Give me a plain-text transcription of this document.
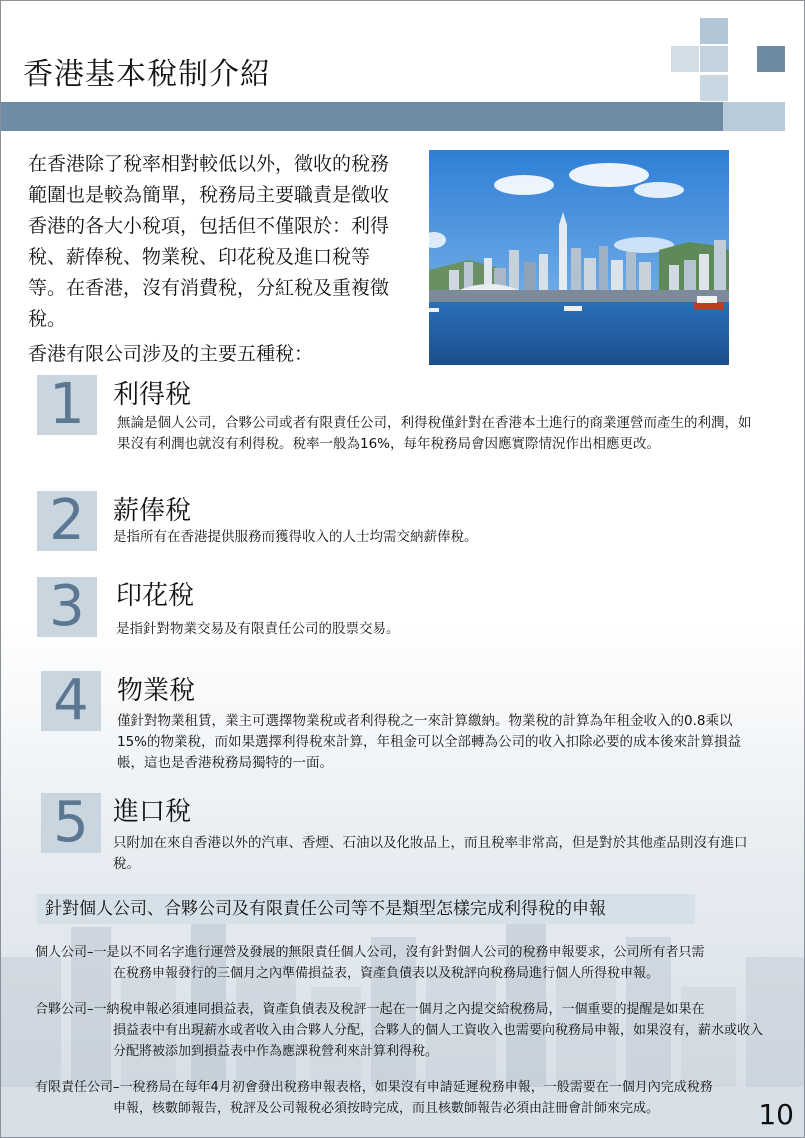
香港基本稅制介紹
在香港除了稅率相對較低以外，徵收的稅務範圍也是較為簡單，稅務局主要職責是徵收香港的各大小稅項，包括但不僅限於：利得稅、薪俸稅、物業稅、印花稅及進口稅等等。在香港，沒有消費稅，分紅稅及重複徵稅。
香港有限公司涉及的主要五種稅：
1	利得稅
無論是個人公司，合夥公司或者有限責任公司，利得稅僅針對在香港本土進行的商業運營而產生的利潤，如果沒有利潤也就沒有利得稅。稅率一般為16%，每年稅務局會因應實際情況作出相應更改。
2	薪俸稅
是指所有在香港提供服務而獲得收入的人士均需交納薪俸稅。
3	印花稅
是指針對物業交易及有限責任公司的股票交易。
4	物業稅
僅針對物業租賃，業主可選擇物業稅或者利得稅之一來計算繳納。物業稅的計算為年租金收入的0.8乘以15%的物業稅，而如果選擇利得稅來計算，年租金可以全部轉為公司的收入扣除必要的成本後來計算損益帳，這也是香港稅務局獨特的一面。
5 進口稅
只附加在來自香港以外的汽車、香煙、石油以及化妝品上，而且稅率非常高，但是對於其他產品則沒有進口稅。
針對個人公司、合夥公司及有限責任公司等不是類型怎樣完成利得稅的申報
個人公司–一是以不同名字進行運營及發展的無限責任個人公司，沒有針對個人公司的稅務申報要求，公司所有者只需
在稅務申報發行的三個月之內準備損益表，資產負債表以及稅評向稅務局進行個人所得稅申報。
合夥公司–一納稅申報必須連同損益表，資產負債表及稅評一起在一個月之內提交給稅務局，一個重要的提醒是如果在
損益表中有出現薪水或者收入由合夥人分配，合夥人的個人工資收入也需要向稅務局申報，如果沒有，薪水或收入分配將被添加到損益表中作為應課稅營利來計算利得稅。
有限責任公司–一稅務局在每年4月初會發出稅務申報表格，如果沒有申請延遲稅務申報，一般需要在一個月內完成稅務
申報，核數師報告，稅評及公司報稅必須按時完成，而且核數師報告必須由註冊會計師來完成。	10
